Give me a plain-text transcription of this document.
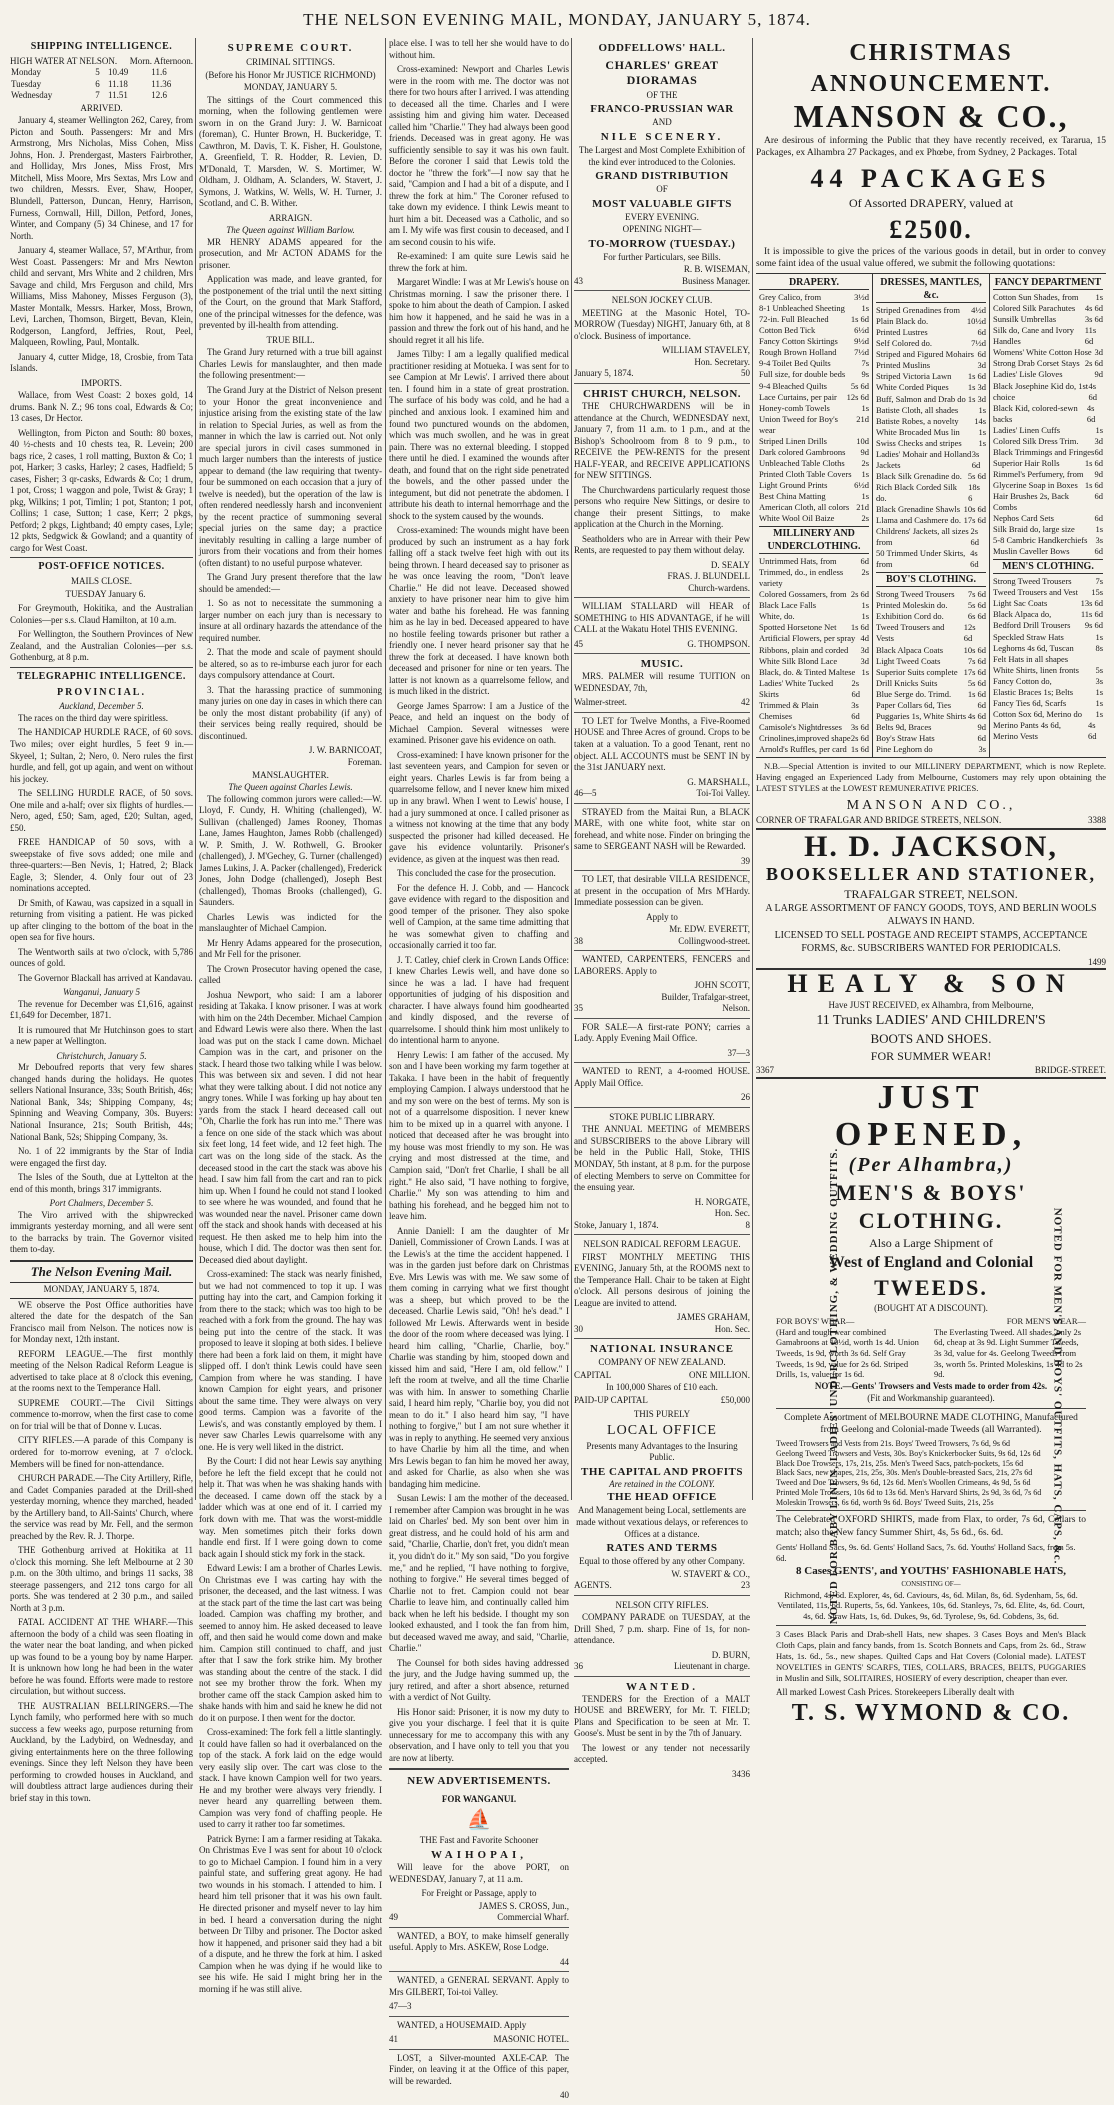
THE NELSON EVENING MAIL, MONDAY, JANUARY 5, 1874.
SHIPPING INTELLIGENCE.
HIGH WATER AT NELSON. Morn. Afternoon.
Monday	5	10.49	11.6
Tuesday	6	11.18	11.36
Wednesday	7	11.51	12.6
ARRIVED.

January 4, steamer Wellington 262, Carey, from Picton and South. Passengers: Mr and Mrs Armstrong, Mrs Nicholas, Miss Cohen, Miss Johns, Hon. J. Prendergast, Masters Fairbrother, and Holliday, Mrs Jones, Miss Frost, Mrs Mitchell, Miss Moore, Mrs Sextas, Mrs Low and two children, Messrs. Ever, Shaw, Hooper, Blundell, Patterson, Duncan, Henry, Harrison, Furness, Cornwall, Hill, Dillon, Petford, Jones, Winter, and Company (5) 34 Chinese, and 17 for North.

January 4, steamer Wallace, 57, M'Arthur, from West Coast. Passengers: Mr and Mrs Newton child and servant, Mrs White and 2 children, Mrs Savage and child, Mrs Ferguson and child, Mrs Williams, Miss Mahoney, Misses Ferguson (3), Master Montalk, Messrs. Harker, Moss, Brown, Levi, Larchen, Thomson, Birgett, Bevan, Klein, Rodgerson, Langford, Jeffries, Rout, Peel, Malqueen, Rowling, Paul, Montalk.

January 4, cutter Midge, 18, Crosbie, from Tata Islands.

IMPORTS.

Wallace, from West Coast: 2 boxes gold, 14 drums. Bank N. Z.; 96 tons coal, Edwards & Co; 13 cases, Dr Hector.

Wellington, from Picton and South: 80 boxes, 40 ½-chests and 10 chests tea, R. Levein; 200 bags rice, 2 cases, 1 roll matting, Buxton & Co; 1 pot, Harker; 3 casks, Harley; 2 cases, Hadfield; 5 cases, Fisher; 3 qr-casks, Edwards & Co; 1 drum, 1 pot, Cross; 1 waggon and pole, Twist & Gray; 1 pkg, Wilkins; 1 pot, Timlin; 1 pot, Stanton; 1 pot, Collins; 1 case, Sutton; 1 case, Kerr; 2 pkgs, Petford; 2 pkgs, Lightband; 40 empty cases, Lyle; 12 pkts, Sedgwick & Gowland; and a quantity of cargo for West Coast.

POST-OFFICE NOTICES.
MAILS CLOSE.

TUESDAY January 6.

For Greymouth, Hokitika, and the Australian Colonies—per s.s. Claud Hamilton, at 10 a.m.

For Wellington, the Southern Provinces of New Zealand, and the Australian Colonies—per s.s. Gothenburg, at 8 p.m.

TELEGRAPHIC INTELLIGENCE.
PROVINCIAL.
Auckland, December 5.

The races on the third day were spiritless.

The HANDICAP HURDLE RACE, of 60 sovs. Two miles; over eight hurdles, 5 feet 9 in.—Skyeel, 1; Sultan, 2; Nero, 0. Nero rules the first hurdle, and fell, got up again, and went on without his jockey.

The SELLING HURDLE RACE, of 50 sovs. One mile and a-half; over six flights of hurdles.—Nero, aged, £50; Sam, aged, £20; Sultan, aged, £50.

FREE HANDICAP of 50 sovs, with a sweepstake of five sovs added; one mile and three-quarters:—Ben Nevis, 1; Hatred, 2; Black Eagle, 3; Slender, 4. Only four out of 23 nominations accepted.

Dr Smith, of Kawau, was capsized in a squall in returning from visiting a patient. He was picked up after clinging to the bottom of the boat in the open sea for five hours.

The Wentworth sails at two o'clock, with 5,786 ounces of gold.

The Governor Blackall has arrived at Kandavau.

Wanganui, January 5

The revenue for December was £1,616, against £1,649 for December, 1871.

It is rumoured that Mr Hutchinson goes to start a new paper at Wellington.

Christchurch, January 5.

Mr Deboufred reports that very few shares changed hands during the holidays. He quotes sellers National Insurance, 33s; South British, 46s; National Bank, 34s; Shipping Company, 4s; Spinning and Weaving Company, 30s. Buyers: National Insurance, 21s; South British, 44s; National Bank, 52s; Shipping Company, 3s.

No. 1 of 22 immigrants by the Star of India were engaged the first day.

The Isles of the South, due at Lyttelton at the end of this month, brings 317 immigrants.

Port Chalmers, December 5.

The Viro arrived with the shipwrecked immigrants yesterday morning, and all were sent to the barracks by train. The Governor visited them to-day.

The Nelson Evening Mail.
MONDAY, JANUARY 5, 1874.

WE observe the Post Office authorities have altered the date for the despatch of the San Francisco mail from Nelson. The notices now is for Monday next, 12th instant.

REFORM LEAGUE.—The first monthly meeting of the Nelson Radical Reform League is advertised to take place at 8 o'clock this evening, at the rooms next to the Temperance Hall.

SUPREME COURT.—The Civil Sittings commence to-morrow, when the first case to come on for trial will be that of Donne v. Lucas.

CITY RIFLES.—A parade of this Company is ordered for to-morrow evening, at 7 o'clock. Members will be fined for non-attendance.

CHURCH PARADE.—The City Artillery, Rifle, and Cadet Companies paraded at the Drill-shed yesterday morning, whence they marched, headed by the Artillery band, to All-Saints' Church, where the service was read by Mr. Fell, and the sermon preached by the Rev. R. J. Thorpe.

THE Gothenburg arrived at Hokitika at 11 o'clock this morning. She left Melbourne at 2 30 p.m. on the 30th ultimo, and brings 11 sacks, 38 steerage passengers, and 212 tons cargo for all ports. She was tendered at 2 30 p.m., and sailed North at 3 p.m.

FATAL ACCIDENT AT THE WHARF.—This afternoon the body of a child was seen floating in the water near the boat landing, and when picked up was found to be a young boy by name Harper. It is unknown how long he had been in the water before he was found. Efforts were made to restore circulation, but without success.

THE AUSTRALIAN BELLRINGERS.—The Lynch family, who performed here with so much success a few weeks ago, purpose returning from Auckland, by the Ladybird, on Wednesday, and giving entertainments here on the three following evenings. Since they left Nelson they have been performing to crowded houses in Auckland, and will doubtless attract large audiences during their brief stay in this town.

SUPREME COURT.
CRIMINAL SITTINGS.
(Before his Honor Mr JUSTICE RICHMOND)
MONDAY, JANUARY 5.

The sittings of the Court commenced this morning, when the following gentlemen were sworn in on the Grand Jury: J. W. Barnicoat (foreman), C. Hunter Brown, H. Buckeridge, T. Cawthron, M. Davis, T. K. Fisher, H. Goulstone, A. Greenfield, T. R. Hodder, R. Levien, D. M'Donald, T. Marsden, W. S. Mortimer, W. Oldham, J. Oldham, A. Sclanders, W. Stavert, J. Symons, J. Watkins, W. Wells, W. H. Turner, J. Scotland, and C. B. Wither.

ARRAIGN.
The Queen against William Barlow.

MR HENRY ADAMS appeared for the prosecution, and Mr ACTON ADAMS for the prisoner.

Application was made, and leave granted, for the postponement of the trial until the next sitting of the Court, on the ground that Mark Stafford, one of the principal witnesses for the defence, was prevented by ill-health from attending.

TRUE BILL.

The Grand Jury returned with a true bill against Charles Lewis for manslaughter, and then made the following presentment:—

The Grand Jury at the District of Nelson present to your Honor the great inconvenience and injustice arising from the existing state of the law in relation to Special Juries, as well as from the manner in which the law is carried out. Not only are special jurors in civil cases summoned in much larger numbers than the interests of justice appear to demand (the law requiring that twenty-four be summoned on each occasion that a jury of twelve is needed), but the operation of the law is often rendered needlessly harsh and inconvenient by the recent practice of summoning several special juries on the same day; a practice inevitably resulting in calling a large number of jurors from their vocations and from their homes (often distant) to no useful purpose whatever.

The Grand Jury present therefore that the law should be amended:—

1. So as not to necessitate the summoning a larger number on each jury than is necessary to insure at all ordinary hazards the attendance of the required number.

2. That the mode and scale of payment should be altered, so as to re-imburse each juror for each days compulsory attendance at Court.

3. That the harassing practice of summoning many juries on one day in cases in which there can be only the most distant probability (if any) of their services being really required, should be discontinued.

J. W. BARNICOAT,
Foreman.
MANSLAUGHTER.
The Queen against Charles Lewis.

The following common jurors were called:—W. Lloyd, F. Cundy, H. Whiting (challenged), W. Sullivan (challenged) James Rooney, Thomas Lane, James Haughton, James Robb (challenged) W. P. Smith, J. W. Rothwell, G. Brooker (challenged), J. M'Gechey, G. Turner (challenged) James Lukins, J. A. Packer (challenged), Frederick Jones, John Dodge (challenged), Joseph Best (challenged), Thomas Brooks (challenged), G. Saunders.

Charles Lewis was indicted for the manslaughter of Michael Campion.

Mr Henry Adams appeared for the prosecution, and Mr Fell for the prisoner.

The Crown Prosecutor having opened the case, called

Joshua Newport, who said: I am a laborer residing at Takaka. I know prisoner. I was at work with him on the 24th December. Michael Campion and Edward Lewis were also there. When the last load was put on the stack I came down. Michael Campion was in the cart, and prisoner on the stack. I heard those two talking while I was below. This was between six and seven. I did not hear what they were talking about. I did not notice any angry tones. While I was forking up hay about ten yards from the stack I heard deceased call out "Oh, Charlie the fork has run into me." There was a fence on one side of the stack which was about six feet long, 14 feet wide, and 12 feet high. The cart was on the long side of the stack. As the deceased stood in the cart the stack was above his head. I saw him fall from the cart and ran to pick him up. When I found he could not stand I looked to see where he was wounded, and found that he was wounded near the navel. Prisoner came down off the stack and shook hands with deceased at his request. He then asked me to help him into the house, which I did. The doctor was then sent for. Deceased died about daylight.

Cross-examined: The stack was nearly finished, but we had not commenced to top it up. I was putting hay into the cart, and Campion forking it from there to the stack; which was too high to be reached with a fork from the ground. The hay was being put into the centre of the stack. It was proposed to leave it sloping at both sides. I believe there had been a fork laid on them, it might have slipped off. I don't think Lewis could have seen Campion from where he was standing. I have known Campion for eight years, and prisoner about the same time. They were always on very good terms. Campion was a favorite of the Lewis's, and was constantly employed by them. I never saw Charles Lewis quarrelsome with any one. He is very well liked in the district.

By the Court: I did not hear Lewis say anything before he left the field except that he could not help it. That was when he was shaking hands with the deceased. I came down off the stack by a ladder which was at one end of it. I carried my fork down with me. That was the worst-middle way. Men sometimes pitch their forks down handle end first. If I were going down to come back again I should stick my fork in the stack.

Edward Lewis: I am a brother of Charles Lewis. On Christmas eve I was carting hay with the prisoner, the deceased, and the last witness. I was at the stack part of the time the last cart was being loaded. Campion was chaffing my brother, and seemed to annoy him. He asked deceased to leave off, and then said he would come down and make him. Campion still continued to chaff, and just after that I saw the fork strike him. My brother was standing about the centre of the stack. I did not see my brother throw the fork. When my brother came off the stack Campion asked him to shake hands with him and said he knew he did not do it on purpose. I then went for the doctor.

Cross-examined: The fork fell a little slantingly. It could have fallen so had it overbalanced on the top of the stack. A fork laid on the edge would very easily slip over. The cart was close to the stack. I have known Campion well for two years. He and my brother were always very friendly. I never heard any quarrelling between them. Campion was very fond of chaffing people. He used to carry it rather too far sometimes.

Patrick Byrne: I am a farmer residing at Takaka. On Christmas Eve I was sent for about 10 o'clock to go to Michael Campion. I found him in a very painful state, and suffering great agony. He had two wounds in his stomach. I attended to him. I heard him tell prisoner that it was his own fault. He directed prisoner and myself never to lay him in bed. I heard a conversation during the night between Dr Tilby and prisoner. The Doctor asked how it happened, and prisoner said they had a bit of a dispute, and he threw the fork at him. I asked Campion when he was dying if he would like to see his wife. He said I might bring her in the morning if he was still alive.

place else. I was to tell her she would have to do without him.

Cross-examined: Newport and Charles Lewis were in the room with me. The doctor was not there for two hours after I arrived. I was attending to deceased all the time. Charles and I were assisting him and giving him water. Deceased called him "Charlie." They had always been good friends. Deceased was in great agony. He was sufficiently sensible to say it was his own fault. Before the coroner I said that Lewis told the doctor he "threw the fork"—I now say that he said, "Campion and I had a bit of a dispute, and I threw the fork at him." The Coroner refused to take down my evidence. I think Lewis meant to hurt him a bit. Deceased was a Catholic, and so am I. My wife was first cousin to deceased, and I am second cousin to his wife.

Re-examined: I am quite sure Lewis said he threw the fork at him.

Margaret Windle: I was at Mr Lewis's house on Christmas morning. I saw the prisoner there. I spoke to him about the death of Campion. I asked him how it happened, and he said he was in a passion and threw the fork out of his hand, and he should regret it all his life.

James Tilby: I am a legally qualified medical practitioner residing at Motueka. I was sent for to see Campion at Mr Lewis'. I arrived there about ten. I found him in a state of great prostration. The surface of his body was cold, and he had a pinched and anxious look. I examined him and found two punctured wounds on the abdomen, which was much swollen, and he was in great pain. There was no external bleeding. I stopped there until he died. I examined the wounds after death, and found that on the right side penetrated the bowels, and the other passed under the integument, but did not penetrate the abdomen. I attribute his death to internal hemorrhage and the shock to the system caused by the wounds.

Cross-examined: The wounds might have been produced by such an instrument as a hay fork falling off a stack twelve feet high with out its being thrown. I heard deceased say to prisoner as he was once leaving the room, "Don't leave Charlie." He did not leave. Deceased showed anxiety to have prisoner near him to give him water and bathe his forehead. He was fanning him as he lay in bed. Deceased appeared to have no hostile feeling towards prisoner but rather a friendly one. I never heard prisoner say that he threw the fork at deceased. I have known both deceased and prisoner for nine or ten years. The latter is not known as a quarrelsome fellow, and is much liked in the district.

George James Sparrow: I am a Justice of the Peace, and held an inquest on the body of Michael Campion. Several witnesses were examined. Prisoner gave his evidence on oath.

Cross-examined: I have known prisoner for the last seventeen years, and Campion for seven or eight years. Charles Lewis is far from being a quarrelsome fellow, and I never knew him mixed up in any brawl. When I went to Lewis' house, I had a jury summoned at once. I called prisoner as a witness not knowing at the time that any body suspected the prisoner had killed deceased. He gave his evidence voluntarily. Prisoner's evidence, as given at the inquest was then read.

This concluded the case for the prosecution.

For the defence H. J. Cobb, and — Hancock gave evidence with regard to the disposition and good temper of the prisoner. They also spoke well of Campion, at the same time admitting that he was somewhat given to chaffing and occasionally carried it too far.

J. T. Catley, chief clerk in Crown Lands Office: I knew Charles Lewis well, and have done so since he was a lad. I have had frequent opportunities of judging of his disposition and character. I have always found him goodhearted and kindly disposed, and the reverse of quarrelsome. I should think him most unlikely to do intentional harm to anyone.

Henry Lewis: I am father of the accused. My son and I have been working my farm together at Takaka. I have been in the habit of frequently employing Campion. I always understood that he and my son were on the best of terms. My son is not of a quarrelsome disposition. I never knew him to be mixed up in a quarrel with anyone. I noticed that deceased after he was brought into my house was most friendly to my son. He was crying and most distressed at the time, and Campion said, "Don't fret Charlie, I shall be all right." He also said, "I have nothing to forgive, Charlie." My son was attending to him and bathing his forehead, and he begged him not to leave him.

Annie Daniell: I am the daughter of Mr Daniell, Commissioner of Crown Lands. I was at the Lewis's at the time the accident happened. I was in the garden just before dark on Christmas Eve. Mrs Lewis was with me. We saw some of them coming in carrying what we first thought was a sheep, but which proved to be the deceased. Charlie Lewis said, "Oh! he's dead." I followed Mr Lewis. Afterwards went in beside the door of the room where deceased was lying. I heard him calling, "Charlie, Charlie, boy." Charlie was standing by him, stooped down and kissed him and said, "Here I am, old fellow." I left the room at twelve, and all the time Charlie was with him. In answer to something Charlie said, I heard him reply, "Charlie boy, you did not mean to do it." I also heard him say, "I have nothing to forgive," but I am not sure whether it was in reply to anything. He seemed very anxious to have Charlie by him all the time, and when Mrs Lewis began to fan him he moved her away, and asked for Charlie, as also when she was bandaging him medicine.

Susan Lewis: I am the mother of the deceased. I remember after Campion was brought in he was laid on Charles' bed. My son bent over him in great distress, and he could hold of his arm and said, "Charlie, Charlie, don't fret, you didn't mean it, you didn't do it." My son said, "Do you forgive me," and he replied, "I have nothing to forgive, nothing to forgive." He several times begged of Charlie not to fret. Campion could not bear Charlie to leave him, and continually called him back when he left his bedside. I thought my son looked exhausted, and I took the fan from him, but deceased waved me away, and said, "Charlie, Charlie."

The Counsel for both sides having addressed the jury, and the Judge having summed up, the jury retired, and after a short absence, returned with a verdict of Not Guilty.

His Honor said: Prisoner, it is now my duty to give you your discharge. I feel that it is quite unnecessary for me to accompany this with any observation, and I have only to tell you that you are now at liberty.

NEW ADVERTISEMENTS.
FOR WANGANUI.
⛵
THE Fast and Favorite Schooner
WAIHOPAI,

Will leave for the above PORT, on WEDNESDAY, January 7, at 11 a.m.

For Freight or Passage, apply to
JAMES S. CROSS, Jun.,
49	Commercial Wharf.

WANTED, a BOY, to make himself generally useful. Apply to Mrs. ASKEW, Rose Lodge.

44

WANTED, a GENERAL SERVANT. Apply to Mrs GILBERT, Toi-toi Valley.

47—3

WANTED, a HOUSEMAID. Apply

41	MASONIC HOTEL.

LOST, a Silver-mounted AXLE-CAP. The Finder, on leaving it at the Office of this paper, will be rewarded.

40
ODDFELLOWS' HALL.
CHARLES' GREAT DIORAMAS
OF THE
FRANCO-PRUSSIAN WAR
AND
NILE SCENERY.
The Largest and Most Complete Exhibition of the kind ever introduced to the Colonies.
GRAND DISTRIBUTION
OF
MOST VALUABLE GIFTS
EVERY EVENING.
OPENING NIGHT—
TO-MORROW (TUESDAY.)
For further Particulars, see Bills.
R. B. WISEMAN,
43	Business Manager.
NELSON JOCKEY CLUB.

MEETING at the Masonic Hotel, TO-MORROW (Tuesday) NIGHT, January 6th, at 8 o'clock. Business of importance.

WILLIAM STAVELEY,
Hon. Secretary.
January 5, 1874.	50
CHRIST CHURCH, NELSON.

THE CHURCHWARDENS will be in attendance at the Church, WEDNESDAY next, January 7, from 11 a.m. to 1 p.m., and at the Bishop's Schoolroom from 8 to 9 p.m., to RECEIVE the PEW-RENTS for the present HALF-YEAR, and RECEIVE APPLICATIONS for NEW SITTINGS.

The Churchwardens particularly request those persons who require New Sittings, or desire to change their present Sittings, to make application at the Church in the Morning.

Seatholders who are in Arrear with their Pew Rents, are requested to pay them without delay.

D. SEALY
FRAS. J. BLUNDELL
Church-wardens.

WILLIAM STALLARD will HEAR of SOMETHING to HIS ADVANTAGE, if he will CALL at the Wakatu Hotel THIS EVENING.

45	G. THOMPSON.
MUSIC.

MRS. PALMER will resume TUITION on WEDNESDAY, 7th,

Walmer-street.	42

TO LET for Twelve Months, a Five-Roomed HOUSE and Three Acres of ground. Crops to be taken at a valuation. To a good Tenant, rent no object. ALL ACCOUNTS must be SENT IN by the 31st JANUARY next.

G. MARSHALL,
46—5	Toi-Toi Valley.

STRAYED from the Maitai Run, a BLACK MARE, with one white foot, white star on forehead, and white nose. Finder on bringing the same to SERGEANT NASH will be Rewarded.

39

TO LET, that desirable VILLA RESIDENCE, at present in the occupation of Mrs M'Hardy. Immediate possession can be given.

Apply to
Mr. EDW. EVERETT,
38	Collingwood-street.

WANTED, CARPENTERS, FENCERS and LABORERS. Apply to

JOHN SCOTT,
Builder, Trafalgar-street,
35	Nelson.

FOR SALE—A first-rate PONY; carries a Lady. Apply Evening Mail Office.

37—3

WANTED to RENT, a 4-roomed HOUSE. Apply Mail Office.

26
STOKE PUBLIC LIBRARY.

THE ANNUAL MEETING of MEMBERS and SUBSCRIBERS to the above Library will be held in the Public Hall, Stoke, THIS MONDAY, 5th instant, at 8 p.m. for the purpose of electing Members to serve on Committee for the ensuing year.

H. NORGATE,
Hon. Sec.
Stoke, January 1, 1874.	8
NELSON RADICAL REFORM LEAGUE.

FIRST MONTHLY MEETING THIS EVENING, January 5th, at the ROOMS next to the Temperance Hall. Chair to be taken at Eight o'clock. All persons desirous of joining the League are invited to attend.

JAMES GRAHAM,
30	Hon. Sec.
NATIONAL INSURANCE
COMPANY OF NEW ZEALAND.
CAPITAL	ONE MILLION.
In 100,000 Shares of £10 each.
PAID-UP CAPITAL	£50,000
THIS PURELY
LOCAL OFFICE
Presents many Advantages to the Insuring Public.
THE CAPITAL AND PROFITS
Are retained in the COLONY.
THE HEAD OFFICE
And Management being Local, settlements are made without vexatious delays, or references to Offices at a distance.
RATES AND TERMS
Equal to those offered by any other Company.
W. STAVERT & CO.,
AGENTS.	23
NELSON CITY RIFLES.

COMPANY PARADE on TUESDAY, at the Drill Shed, 7 p.m. sharp. Fine of 1s, for non-attendance.

D. BURN,
36	Lieutenant in charge.
WANTED.

TENDERS for the Erection of a MALT HOUSE and BREWERY, for Mr. T. FIELD; Plans and Specification to be seen at Mr. T. Goose's. Must be sent in by the 7th of January.

The lowest or any tender not necessarily accepted.

3436
CHRISTMAS ANNOUNCEMENT.
MANSON & CO.,

Are desirous of informing the Public that they have recently received, ex Tararua, 15 Packages, ex Alhambra 27 Packages, and ex Phœbe, from Sydney, 2 Packages. Total

44 PACKAGES
Of Assorted DRAPERY, valued at
£2500.

It is impossible to give the prices of the various goods in detail, but in order to convey some faint idea of the usual value offered, we submit the following quotations:

DRAPERY.
Grey Calico, from	3½d
8-1 Unbleached Sheeting 1s
72-in. Full Bleached	1s 6d
Cotton Bed Tick	6½d
Fancy Cotton Skirtings 9½d
Rough Brown Holland 7½d
9-4 Toilet Bed Quilts	7s
Full size, for double beds 9s
9-4 Bleached Quilts	5s 6d
Lace Curtains, per pair 12s 6d
Honey-comb Towels	1s
Union Tweed for Boy's wear
21d
Striped Linen Drills	10d
Dark colored Gambroons 9d
Unbleached Table Cloths 2s
Printed Cloth Table Covers 1s
Light Ground Prints	6½d
Best China Matting	1s
American Cloth, all colors 21d
White Wool Oil Baize	2s
MILLINERY AND UNDERCLOTHING.
Untrimmed Hats, from	6d
Trimmed, do., in endless variety
2s
Colored Gossamers, from 2s 6d
Black Lace Falls	1s
White, do.	1s
Spotted Horsetone Net 1s 6d
Artificial Flowers, per spray 4d
Ribbons, plain and corded 3d
White Silk Blond Lace	3d
Black, do. & Tinted Maltese 1s
Ladies' White Tucked Skirts
2s 6d
Trimmed & Plain Chemises
3s 6d
Camisole's Nightdresses 3s 6d
Crinolines,improved shape 2s 6d
Arnold's Ruffles, per card 1s 6d
DRESSES, MANTLES, &c.
Striped Grenadines from 4½d
Plain Black do.	10½d
Printed Lustres	6d
Self Colored do.	7½d
Striped and Figured Mohairs 6d
Printed Muslins	3d
Striped Victoria Lawn 1s 6d
White Corded Piques 1s 3d
Buff, Salmon and Drab do 1s 3d
Batiste Cloth, all shades 1s
Batiste Robes, a novelty 14s
White Brocaded Mus lin 1s
Swiss Checks and stripes 1s
Ladies' Mohair and Holland Jackets
3s 6d
Black Silk Grenadine do. 5s 6d
Rich Black Corded Silk do.
18s 6
Black Grenadine Shawls 10s 6d
Llama and Cashmere do. 17s 6d
Childrens' Jackets, all sizes from
2s 6d
50 Trimmed Under Skirts, from
4s 6d
BOY'S CLOTHING.
Strong Tweed Trousers 7s 6d
Printed Moleskin do. 5s 6d
Exhibition Cord do.	6s 6d
Tweed Trousers and Vests
12s 6d
Black Alpaca Coats 10s 6d
Light Tweed Coats	7s 6d
Superior Suits complete 17s 6d
Drill Knicks Suits	5s 6d
Blue Serge do. Trimd. 1s 6d
Paper Collars 6d, Ties	6d
Puggaries 1s, White Shirts 4s 6d
Belts 9d, Braces	9d
Boy's Straw Hats	6d
Pine Leghorn do	3s
FANCY DEPARTMENT
Cotton Sun Shades, from 1s
Colored Silk Parachutes 4s 6d
Sunsilk Umbrellas	3s 6d
Silk do, Cane and Ivory Handles
11s 6d
Womens' White Cotton Hose 3d
Strong Drab Corset Stays 2s 6d
Ladies' Lisle Gloves	9d
Black Josephine Kid do, 1st choice
4s 6d
Black Kid, colored-sewn backs
4s 6d
Ladies' Linen Cuffs	1s
Colored Silk Dress Trim. 3d
Black Trimmings and Fringes 6d
Superior Hair Rolls	1s 6d
Rimmel's Perfumery, from 9d
Glycerine Soap in Boxes 1s 6d
Hair Brushes 2s, Back Combs
6d
Nephos Card Sets	6d
Silk Braid do, large size 1s
5-8 Cambric Handkerchiefs 3s
Muslin Caveller Bows	6d
MEN'S CLOTHING.
Strong Tweed Trousers	7s
Tweed Trousers and Vest 15s
Light Sac Coats	13s 6d
Black Alpaca do,	11s 6d
Bedford Drill Trousers 9s 6d
Speckled Straw Hats	1s
Leghorns 4s 6d, Tuscan	8s
Felt Hats in all shapes
White Shirts, linen fronts 5s
Fancy Cotton do,	3s
Elastic Braces 1s; Belts	1s
Fancy Ties 6d, Scarfs	1s
Cotton Sox 6d, Merino do 1s
Merino Pants 4s 6d, Merino Vests
4s 6d

N.B.—Special Attention is invited to our MILLINERY DEPARTMENT, which is now Replete. Having engaged an Experienced Lady from Melbourne, Customers may rely upon obtaining the LATEST STYLES at the LOWEST REMUNERATIVE PRICES.

MANSON AND CO.,
CORNER OF TRAFALGAR AND BRIDGE STREETS, NELSON.	3388
H. D. JACKSON,
BOOKSELLER AND STATIONER,
TRAFALGAR STREET, NELSON.
A LARGE ASSORTMENT OF FANCY GOODS, TOYS, AND BERLIN WOOLS ALWAYS IN HAND.
LICENSED TO SELL POSTAGE AND RECEIPT STAMPS, ACCEPTANCE FORMS, &c. SUBSCRIBERS WANTED FOR PERIODICALS.
1499
HEALY & SON
Have JUST RECEIVED, ex Alhambra, from Melbourne,
11 Trunks LADIES' AND CHILDREN'S
BOOTS AND SHOES.
FOR SUMMER WEAR!
3367	BRIDGE-STREET.
JUST OPENED,
(Per Alhambra,)
MEN'S & BOYS' CLOTHING.
Also a Large Shipment of
West of England and Colonial
TWEEDS.
(BOUGHT AT A DISCOUNT).
FOR BOYS' WEAR—	FOR MEN'S WEAR—
(Hard and tough wear combined Gamabroons at 10½d, worth 1s 4d. Union Tweeds, 1s 9d, worth 3s 6d. Self Gray Tweeds, 1s 9d, value for 2s 6d. Striped Drills, 1s, value for 1s 6d.
The Everlasting Tweed. All shades, only 2s 6d, cheap at 3s 9d. Light Summer Tweeds, 3s 3d, value for 4s. Geelong Tweeds from 3s, worth 5s. Printed Moleskins, 1s 4d to 2s 9d.
NOTE.—Gents' Trowsers and Vests made to order from 42s.
(Fit and Workmanship guaranteed).

Complete Assortment of MELBOURNE MADE CLOTHING, Manufactured from Geelong and Colonial-made Tweeds (all Warranted).

Tweed Trowsers and Vests from 21s. Boys' Tweed Trowsers, 7s 6d, 9s 6d
Geelong Tweed Trowsers and Vests, 30s. Boy's Knickerbocker Suits, 9s 6d, 12s 6d
Black Doe Trowsers, 17s, 21s, 25s. Men's Tweed Sacs, patch-pockets, 15s 6d
Black Sacs, new shapes, 21s, 25s, 30s. Men's Double-breasted Sacs, 21s, 27s 6d
Tweed and Doe Trowsers, 9s 6d, 12s 6d. Men's Woollen Crimeans, 4s 9d, 5s 6d
Printed Mole Trowsers, 10s 6d to 13s 6d. Men's Harvard Shirts, 2s 9d, 3s 6d, 7s 6d
Moleskin Trowsers, 6s 6d, worth 9s 6d. Boys' Tweed Suits, 21s, 25s

The Celebrated OXFORD SHIRTS, made from Flax, to order, 7s 6d, Collars to match; also the New fancy Summer Shirt, 4s, 5s 6d., 6s. 6d.

Gents' Holland Sacs, 9s. 6d. Gents' Holland Sacs, 7s. 6d. Youths' Holland Sacs, from 5s. 6d.
8 Cases GENTS', and YOUTHS' FASHIONABLE HATS,
CONSISTING OF—
Richmond, 4s, 6d. Explorer, 4s, 6d. Caviours, 4s, 6d. Milan, 8s, 6d. Sydenham, 5s, 6d. Ventilated, 11s, 6d. Ruperts, 5s, 6d. Yankees, 10s, 6d. Stanleys, 7s, 6d. Elite, 4s, 6d. Court, 4s, 6d. Straw Hats, 1s, 6d. Dukes, 9s, 6d. Tyrolese, 9s, 6d. Cobdens, 3s, 6d.

3 Cases Black Paris and Drab-shell Hats, new shapes. 3 Cases Boys and Men's Black Cloth Caps, plain and fancy bands, from 1s. Scotch Bonnets and Caps, from 2s. 6d., Straw Hats, 1s. 6d., 5s., new shapes. Quilted Caps and Hat Covers (Colonial made). LATEST NOVELTIES in GENTS' SCARFS, TIES, COLLARS, BRACES, BELTS, PUGGARIES in Muslin and Silk, SOLITAIRES, HOSIERY of every description, cheaper than ever.

All marked Lowest Cash Prices. Storekeepers Liberally dealt with
T. S. WYMOND & CO.
NOTED FOR BABY LINEN, LADIES' UNDERCLOTHING, & WEDDING OUTFITS.	NOTED FOR MEN'S AND BOYS' OUTFITS, HATS, CAPS, &c.
